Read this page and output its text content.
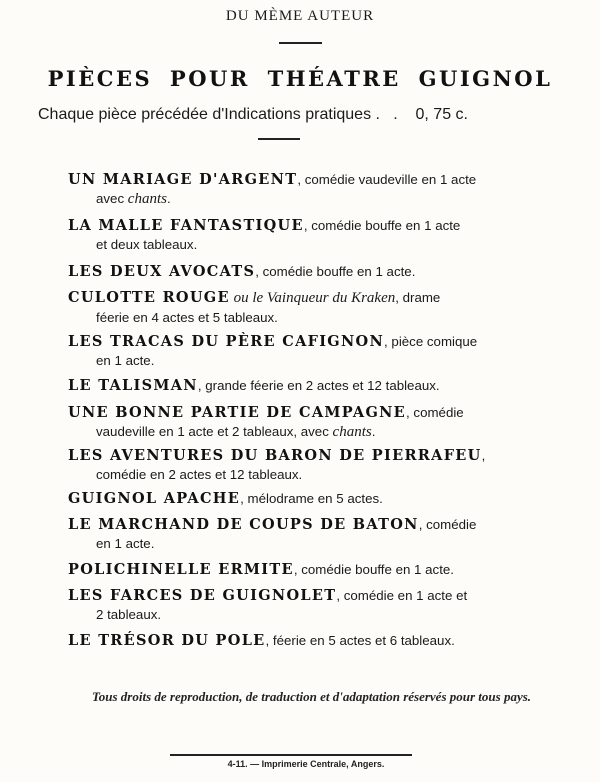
DU MÈME AUTEUR
PIÈCES POUR THÉATRE GUIGNOL
Chaque pièce précédée d'Indications pratiques .   .    0, 75 c.
UN MARIAGE D'ARGENT, comédie vaudeville en 1 acte
avec chants.
LA MALLE FANTASTIQUE, comédie bouffe en 1 acte
et deux tableaux.
LES DEUX AVOCATS, comédie bouffe en 1 acte.
CULOTTE ROUGE ou le Vainqueur du Kraken, drame
féerie en 4 actes et 5 tableaux.
LES TRACAS DU PÈRE CAFIGNON, pièce comique
en 1 acte.
LE TALISMAN, grande féerie en 2 actes et 12 tableaux.
UNE BONNE PARTIE DE CAMPAGNE, comédie
vaudeville en 1 acte et 2 tableaux, avec chants.
LES AVENTURES DU BARON DE PIERRAFEU,
comédie en 2 actes et 12 tableaux.
GUIGNOL APACHE, mélodrame en 5 actes.
LE MARCHAND DE COUPS DE BATON, comédie
en 1 acte.
POLICHINELLE ERMITE, comédie bouffe en 1 acte.
LES FARCES DE GUIGNOLET, comédie en 1 acte et
2 tableaux.
LE TRÉSOR DU POLE, féerie en 5 actes et 6 tableaux.
Tous droits de reproduction, de traduction et d'adaptation réservés pour tous pays.
4-11. — Imprimerie Centrale, Angers.
